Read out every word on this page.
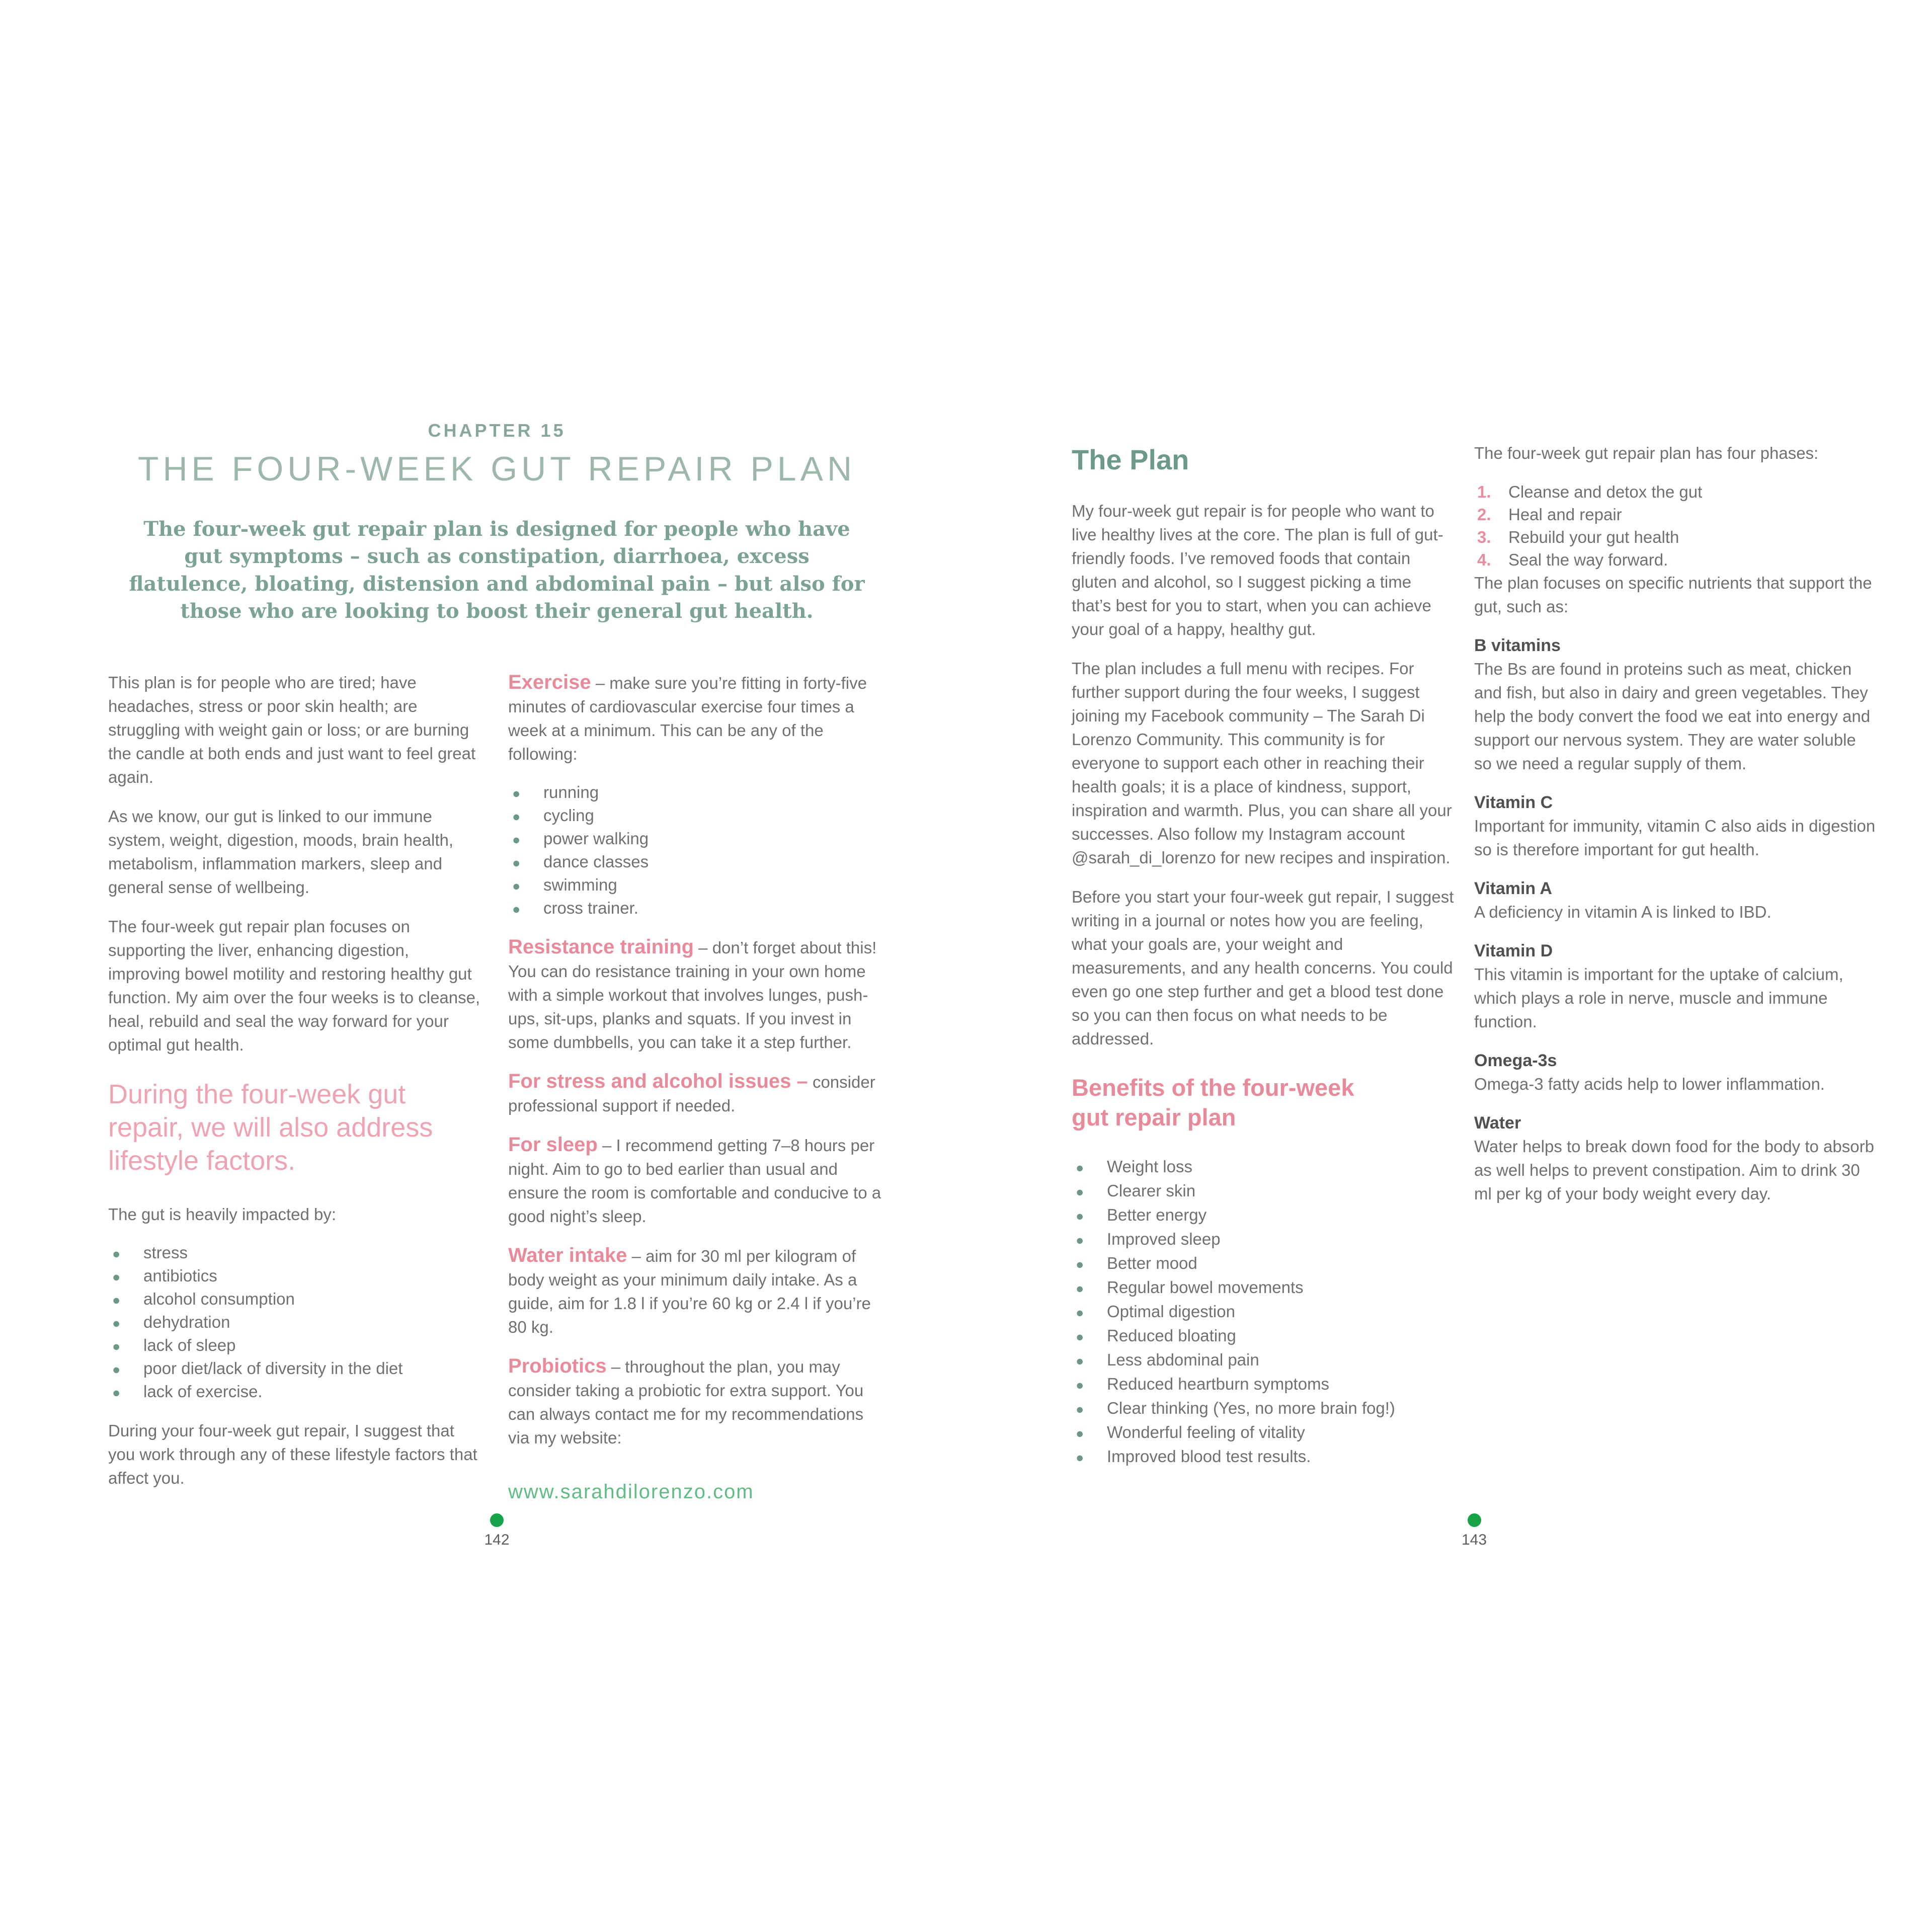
CHAPTER 15
THE FOUR-WEEK GUT REPAIR PLAN
The four-week gut repair plan is designed for people who have gut symptoms – such as constipation, diarrhoea, excess flatulence, bloating, distension and abdominal pain – but also for those who are looking to boost their general gut health.

This plan is for people who are tired; have headaches, stress or poor skin health; are struggling with weight gain or loss; or are burning the candle at both ends and just want to feel great again.

As we know, our gut is linked to our immune system, weight, digestion, moods, brain health, metabolism, inflammation markers, sleep and general sense of wellbeing.

The four-week gut repair plan focuses on supporting the liver, enhancing digestion, improving bowel motility and restoring healthy gut function. My aim over the four weeks is to cleanse, heal, rebuild and seal the way forward for your optimal gut health.

During the four-week gut repair, we will also address lifestyle factors.

The gut is heavily impacted by:

●	stress
●	antibiotics
●	alcohol consumption
●	dehydration
●	lack of sleep
●	poor diet/lack of diversity in the diet
●	lack of exercise.

During your four-week gut repair, I suggest that you work through any of these lifestyle factors that affect you.

Exercise – make sure you’re fitting in forty-five minutes of cardiovascular exercise four times a week at a minimum. This can be any of the following:

●	running
●	cycling
●	power walking
●	dance classes
●	swimming
●	cross trainer.

Resistance training – don’t forget about this! You can do resistance training in your own home with a simple workout that involves lunges, push-ups, sit-ups, planks and squats. If you invest in some dumbbells, you can take it a step further.

For stress and alcohol issues – consider professional support if needed.

For sleep – I recommend getting 7–8 hours per night. Aim to go to bed earlier than usual and ensure the room is comfortable and conducive to a good night’s sleep.

Water intake – aim for 30 ml per kilogram of body weight as your minimum daily intake. As a guide, aim for 1.8 l if you’re 60 kg or 2.4 l if you’re 80 kg.

Probiotics – throughout the plan, you may consider taking a probiotic for extra support. You can always contact me for my recommendations via my website:

www.sarahdilorenzo.com
The Plan

My four-week gut repair is for people who want to live healthy lives at the core. The plan is full of gut-friendly foods. I’ve removed foods that contain gluten and alcohol, so I suggest picking a time that’s best for you to start, when you can achieve your goal of a happy, healthy gut.

The plan includes a full menu with recipes. For further support during the four weeks, I suggest joining my Facebook community – The Sarah Di Lorenzo Community. This community is for everyone to support each other in reaching their health goals; it is a place of kindness, support, inspiration and warmth. Plus, you can share all your successes. Also follow my Instagram account @sarah_di_lorenzo for new recipes and inspiration.

Before you start your four-week gut repair, I suggest writing in a journal or notes how you are feeling, what your goals are, your weight and measurements, and any health concerns. You could even go one step further and get a blood test done so you can then focus on what needs to be addressed.

Benefits of the four-week gut repair plan
●	Weight loss
●	Clearer skin
●	Better energy
●	Improved sleep
●	Better mood
●	Regular bowel movements
●	Optimal digestion
●	Reduced bloating
●	Less abdominal pain
●	Reduced heartburn symptoms
●	Clear thinking (Yes, no more brain fog!)
●	Wonderful feeling of vitality
●	Improved blood test results.

The four-week gut repair plan has four phases:

1.	Cleanse and detox the gut
2.	Heal and repair
3.	Rebuild your gut health
4.	Seal the way forward.

The plan focuses on specific nutrients that support the gut, such as:

B vitamins

The Bs are found in proteins such as meat, chicken and fish, but also in dairy and green vegetables. They help the body convert the food we eat into energy and support our nervous system. They are water soluble so we need a regular supply of them.

Vitamin C

Important for immunity, vitamin C also aids in digestion so is therefore important for gut health.

Vitamin A

A deficiency in vitamin A is linked to IBD.

Vitamin D

This vitamin is important for the uptake of calcium, which plays a role in nerve, muscle and immune function.

Omega-3s

Omega-3 fatty acids help to lower inflammation.

Water

Water helps to break down food for the body to absorb as well helps to prevent constipation. Aim to drink 30 ml per kg of your body weight every day.

142	143
